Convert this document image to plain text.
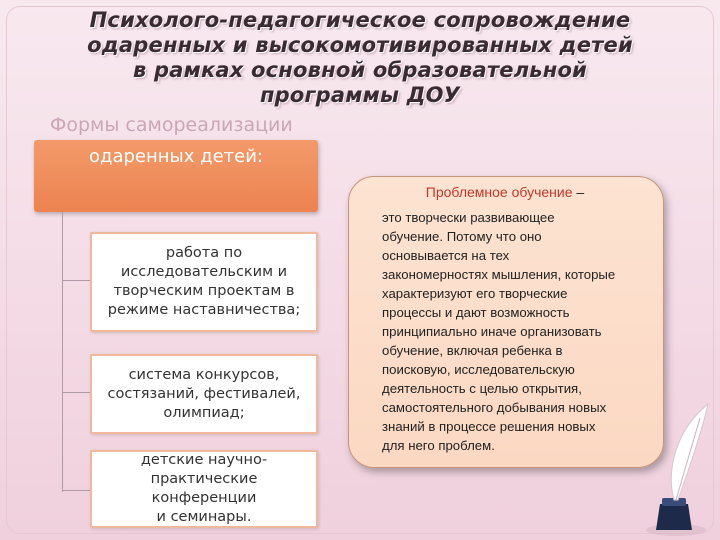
Психолого-педагогическое сопровождение
одаренных и высокомотивированных детей
в рамках основной образовательной
программы ДОУ
Формы самореализации
одаренных детей:
работа по
исследовательским и
творческим проектам в
режиме наставничества;
система конкурсов,
состязаний, фестивалей,
олимпиад;
детские научно-
практические конференции
и семинары.
Проблемное обучение –
это творчески развивающее
обучение. Потому что оно
основывается на тех
закономерностях мышления, которые
характеризуют его творческие
процессы и дают возможность
принципиально иначе организовать
обучение, включая ребенка в
поисковую, исследовательскую
деятельность с целью открытия,
самостоятельного добывания новых
знаний в процессе решения новых
для него проблем.
